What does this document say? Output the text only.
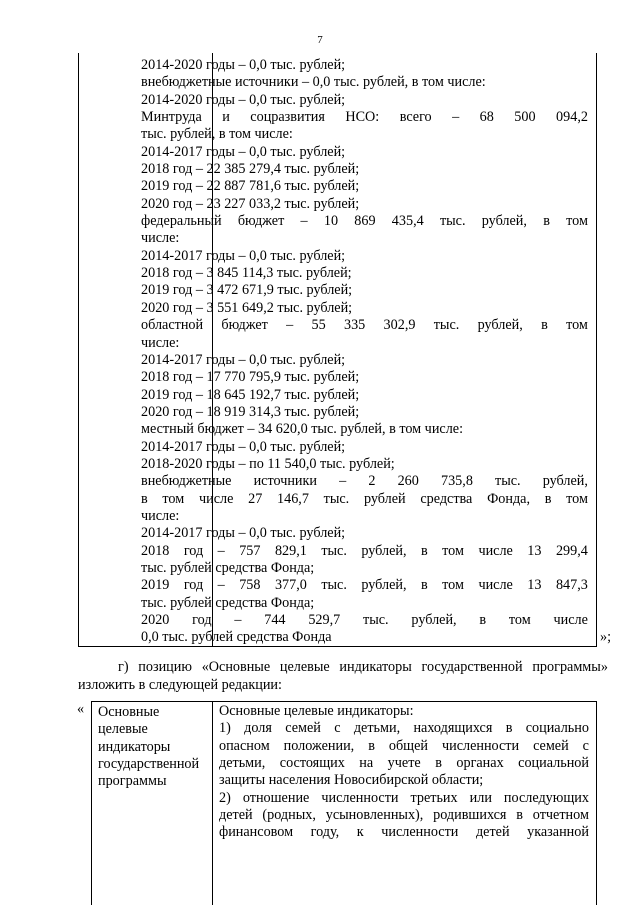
7
2014-2020 годы – 0,0 тыс. рублей;
внебюджетные источники – 0,0 тыс. рублей, в том числе:
2014-2020 годы – 0,0 тыс. рублей;
Минтруда и соцразвития НСО: всего – 68 500 094,2
тыс. рублей, в том числе:
2014-2017 годы – 0,0 тыс. рублей;
2018 год – 22 385 279,4 тыс. рублей;
2019 год – 22 887 781,6 тыс. рублей;
2020 год – 23 227 033,2 тыс. рублей;
федеральный бюджет – 10 869 435,4 тыс. рублей, в том
числе:
2014-2017 годы – 0,0 тыс. рублей;
2018 год – 3 845 114,3 тыс. рублей;
2019 год – 3 472 671,9 тыс. рублей;
2020 год – 3 551 649,2 тыс. рублей;
областной бюджет – 55 335 302,9 тыс. рублей, в том
числе:
2014-2017 годы – 0,0 тыс. рублей;
2018 год – 17 770 795,9 тыс. рублей;
2019 год – 18 645 192,7 тыс. рублей;
2020 год – 18 919 314,3 тыс. рублей;
местный бюджет – 34 620,0 тыс. рублей, в том числе:
2014-2017 годы – 0,0 тыс. рублей;
2018-2020 годы – по 11 540,0 тыс. рублей;
внебюджетные источники – 2 260 735,8 тыс. рублей,
в том числе 27 146,7 тыс. рублей средства Фонда, в том
числе:
2014-2017 годы – 0,0 тыс. рублей;
2018 год – 757 829,1 тыс. рублей, в том числе 13 299,4
тыс. рублей средства Фонда;
2019 год – 758 377,0 тыс. рублей, в том числе 13 847,3
тыс. рублей средства Фонда;
2020 год – 744 529,7 тыс. рублей, в том числе
0,0 тыс. рублей средства Фонда	»;
г) позицию «Основные целевые индикаторы государственной программы»
изложить в следующей редакции:
« Основные
целевые
индикаторы
государственной
программы
Основные целевые индикаторы:
1) доля семей с детьми, находящихся в социально
опасном положении, в общей численности семей с
детьми, состоящих на учете в органах социальной
защиты населения Новосибирской области;
2) отношение численности третьих или последующих
детей (родных, усыновленных), родившихся в отчетном
финансовом году, к численности детей указанной
